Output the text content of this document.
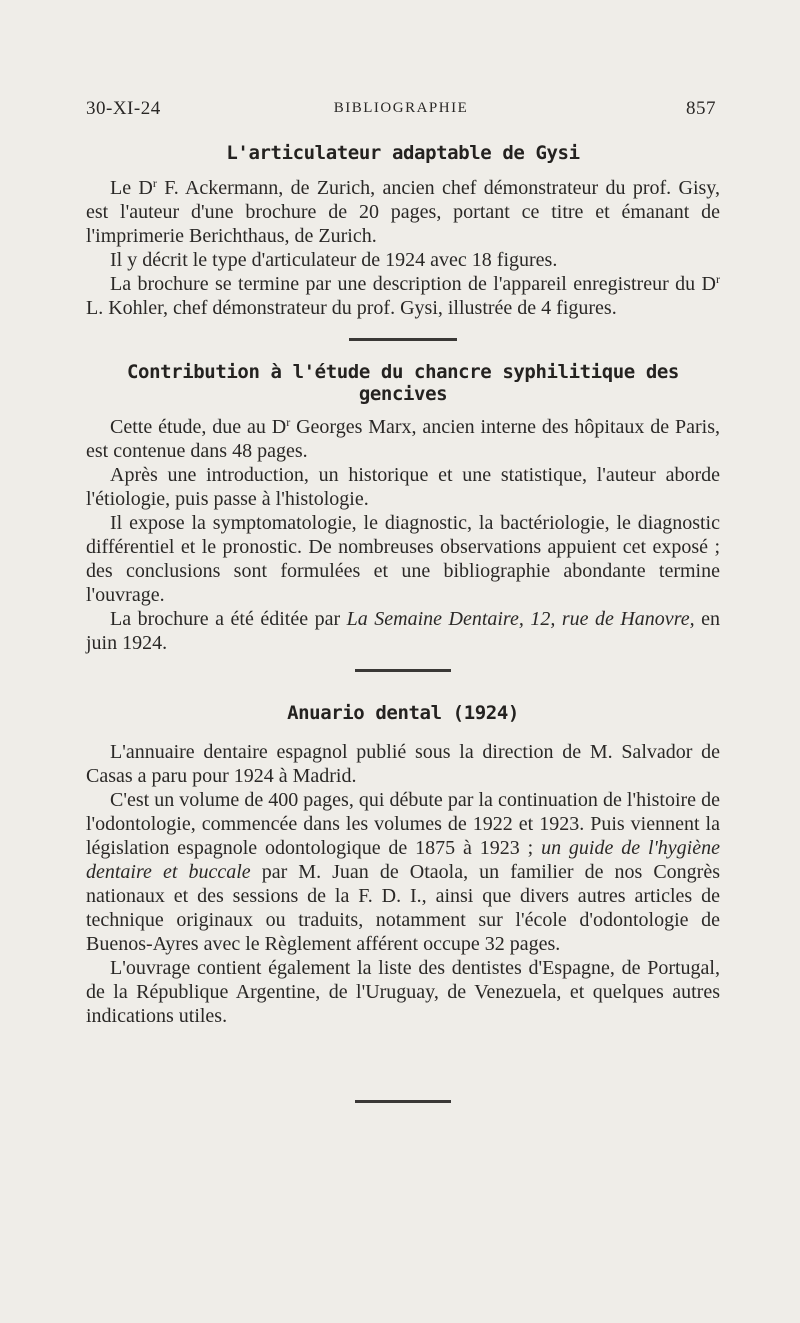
30-XI-24	BIBLIOGRAPHIE	857
L'articulateur adaptable de Gysi

Le $D^r$ F. Ackermann, de Zurich, ancien chef démonstrateur du prof. Gisy, est l'auteur d'une brochure de 20 pages, portant ce titre et émanant de l'imprimerie Berichthaus, de Zurich.

Il y décrit le type d'articulateur de 1924 avec 18 figures.

La brochure se termine par une description de l'appareil enregistreur du $D^r$ L. Kohler, chef démonstrateur du prof. Gysi, illustrée de 4 figures.

Contribution à l'étude du chancre syphilitique des gencives

Cette étude, due au $D^r$ Georges Marx, ancien interne des hôpitaux de Paris, est contenue dans 48 pages.

Après une introduction, un historique et une statistique, l'auteur aborde l'étiologie, puis passe à l'histologie.

Il expose la symptomatologie, le diagnostic, la bactériologie, le diagnostic différentiel et le pronostic. De nombreuses observations appuient cet exposé ; des conclusions sont formulées et une bibliographie abondante termine l'ouvrage.

La brochure a été éditée par La Semaine Dentaire, 12, rue de Hanovre, en juin 1924.

Anuario dental (1924)

L'annuaire dentaire espagnol publié sous la direction de M. Salvador de Casas a paru pour 1924 à Madrid.

C'est un volume de 400 pages, qui débute par la continuation de l'histoire de l'odontologie, commencée dans les volumes de 1922 et 1923. Puis viennent la législation espagnole odontologique de 1875 à 1923 ; un guide de l'hygiène dentaire et buccale par M. Juan de Otaola, un familier de nos Congrès nationaux et des sessions de la F. D. I., ainsi que divers autres articles de technique originaux ou traduits, notamment sur l'école d'odontologie de Buenos-Ayres avec le Règlement afférent occupe 32 pages.

L'ouvrage contient également la liste des dentistes d'Espagne, de Portugal, de la République Argentine, de l'Uruguay, de Venezuela, et quelques autres indications utiles.
